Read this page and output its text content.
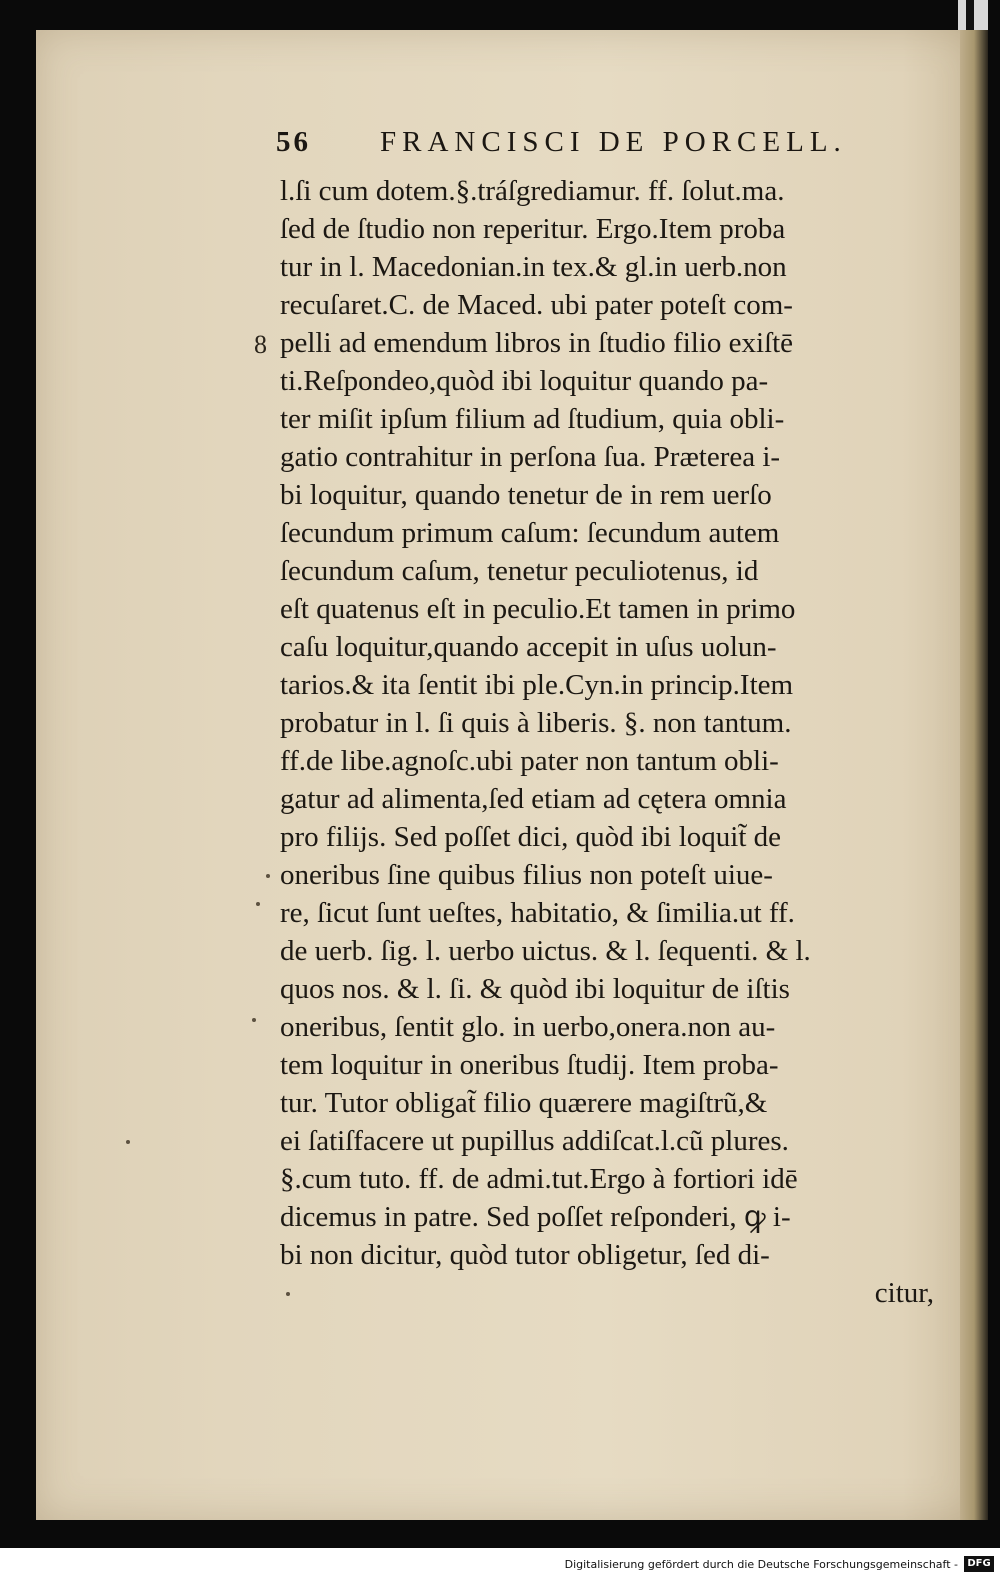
56 FRANCISCI DE PORCELL.
8
l.ſi cum dotem.§.tráſgrediamur. ff. ſolut.ma.
ſed de ſtudio non reperitur. Ergo.Item proba
tur in l. Macedonian.in tex.& gl.in uerb.non
recuſaret.C. de Maced. ubi pater poteſt com-
pelli ad emendum libros in ſtudio filio exiſtē
ti.Reſpondeo,quòd ibi loquitur quando pa-
ter miſit ipſum filium ad ſtudium, quia obli-
gatio contrahitur in perſona ſua. Præterea i-
bi loquitur, quando tenetur de in rem uerſo
ſecundum primum caſum: ſecundum autem
ſecundum caſum, tenetur peculiotenus, id
eſt quatenus eſt in peculio.Et tamen in primo
caſu loquitur,quando accepit in uſus uolun-
tarios.& ita ſentit ibi ple.Cyn.in princip.Item
probatur in l. ſi quis à liberis. §. non tantum.
ff.de libe.agnoſc.ubi pater non tantum obli-
gatur ad alimenta,ſed etiam ad cętera omnia
pro filijs. Sed poſſet dici, quòd ibi loquit̃ de
oneribus ſine quibus filius non poteſt uiue-
re, ſicut ſunt ueſtes, habitatio, & ſimilia.ut ff.
de uerb. ſig. l. uerbo uictus. & l. ſequenti. & l.
quos nos. & l. ſi. & quòd ibi loquitur de iſtis
oneribus, ſentit glo. in uerbo,onera.non au-
tem loquitur in oneribus ſtudij. Item proba-
tur. Tutor obligat̃ filio quærere magiſtrũ,&
ei ſatiſfacere ut pupillus addiſcat.l.cũ plures.
§.cum tuto. ff. de admi.tut.Ergo à fortiori idē
dicemus in patre. Sed poſſet reſponderi, ꝙ i-
bi non dicitur, quòd tutor obligetur, ſed di-
citur,
Digitalisierung gefördert durch die Deutsche Forschungsgemeinschaft - DFG
